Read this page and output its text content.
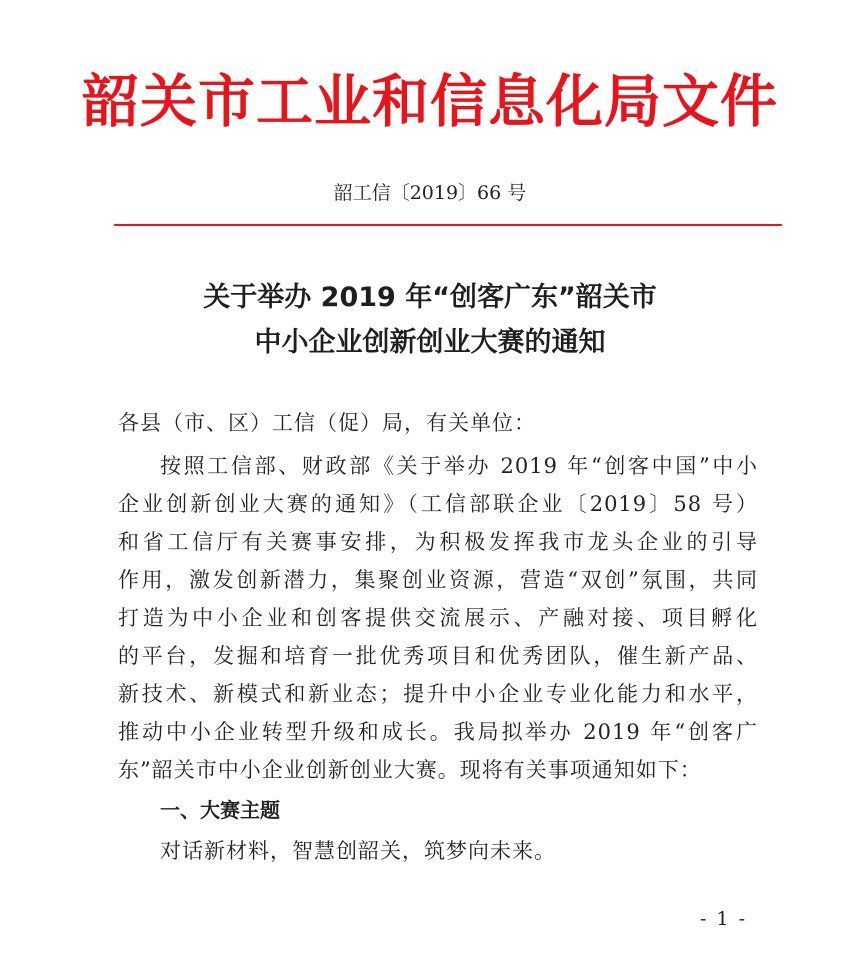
韶关市工业和信息化局文件
韶工信〔2019〕66 号
关于举办 2019 年“创客广东”韶关市
中小企业创新创业大赛的通知
各县（市、区）工信（促）局，有关单位：
按照工信部、财政部《关于举办 2019 年“创客中国”中小
企业创新创业大赛的通知》（工信部联企业〔2019〕58 号）
和省工信厅有关赛事安排，为积极发挥我市龙头企业的引导
作用，激发创新潜力，集聚创业资源，营造“双创”氛围，共同
打造为中小企业和创客提供交流展示、产融对接、项目孵化
的平台，发掘和培育一批优秀项目和优秀团队，催生新产品、
新技术、新模式和新业态；提升中小企业专业化能力和水平，
推动中小企业转型升级和成长。我局拟举办 2019 年“创客广
东”韶关市中小企业创新创业大赛。现将有关事项通知如下：
一、大赛主题
对话新材料，智慧创韶关，筑梦向未来。
- 1 -
